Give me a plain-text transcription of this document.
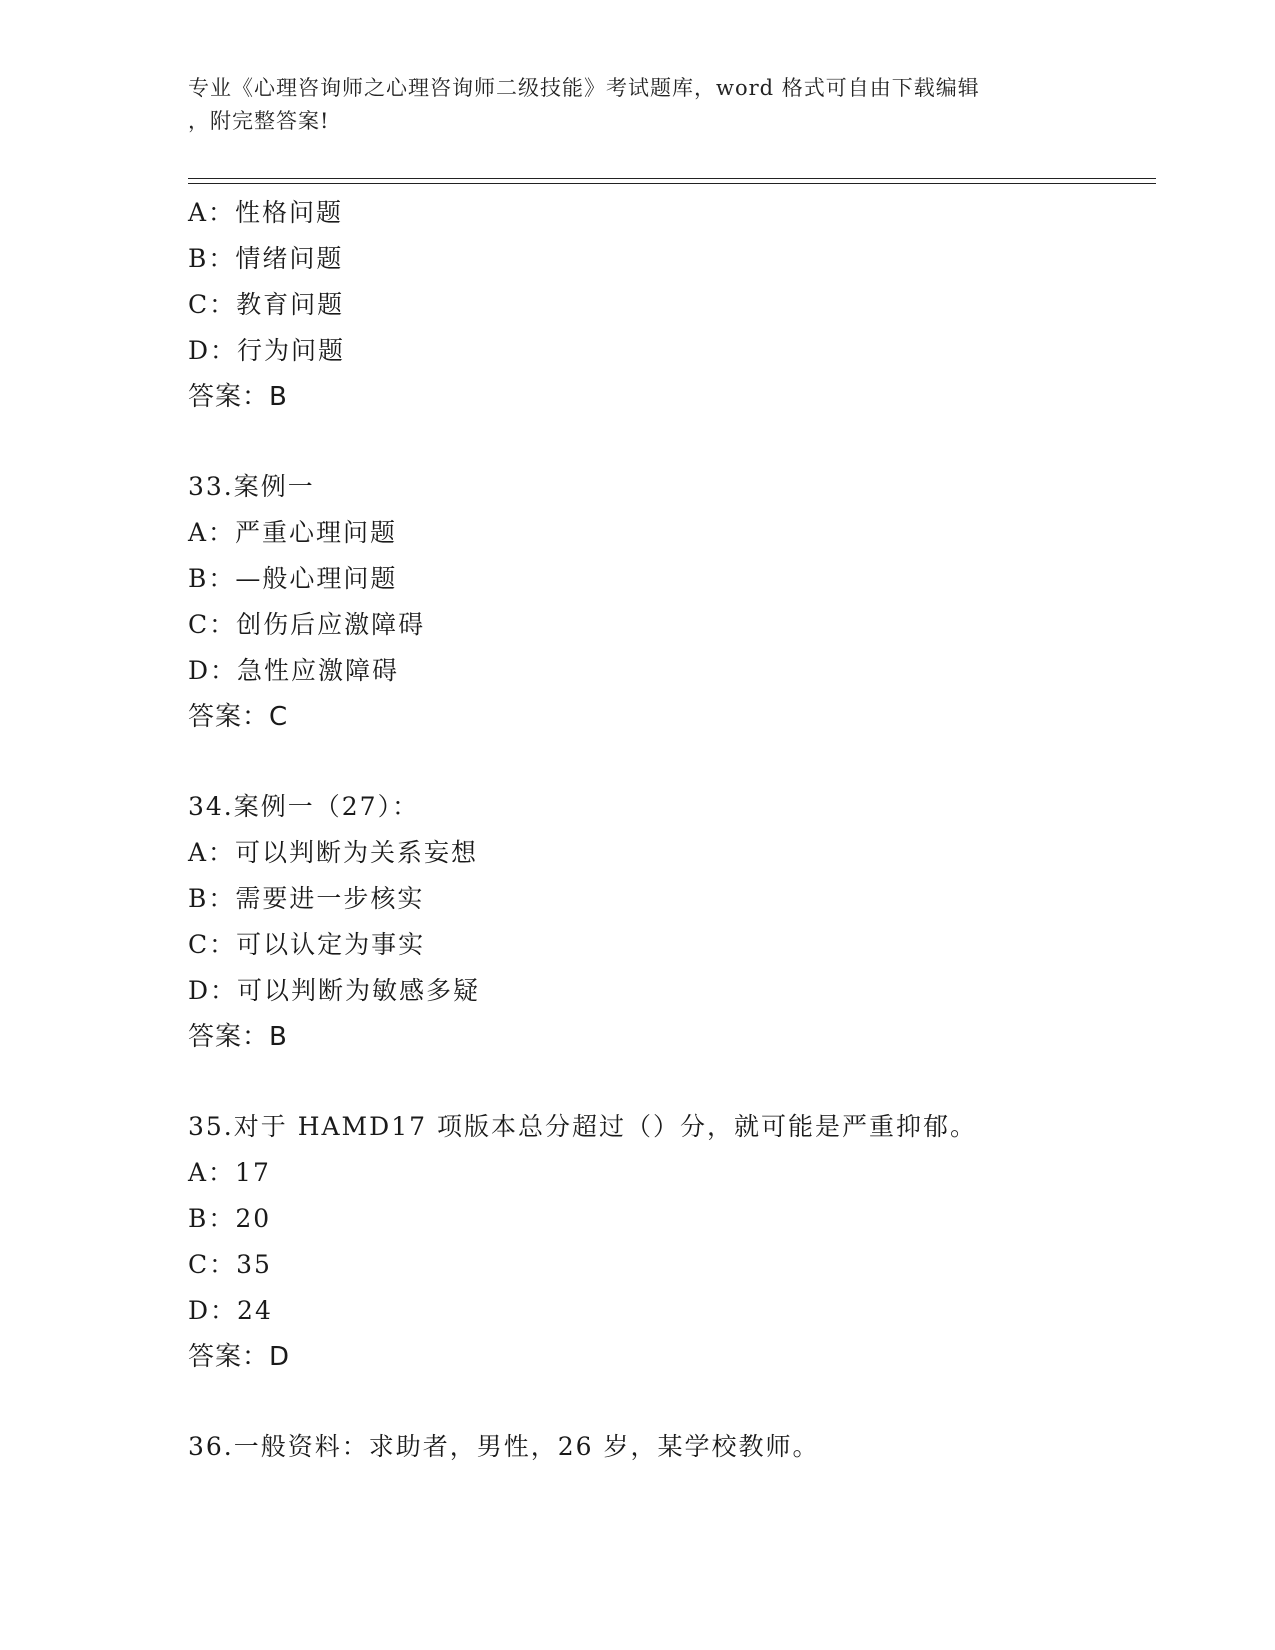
专业《心理咨询师之心理咨询师二级技能》考试题库，word 格式可自由下载编辑
，附完整答案!
A：性格问题
B：情绪问题
C：教育问题
D：行为问题
答案：B
33.案例一
A：严重心理问题
B：—般心理问题
C：创伤后应激障碍
D：急性应激障碍
答案：C
34.案例一（27）：
A：可以判断为关系妄想
B：需要进一步核实
C：可以认定为事实
D：可以判断为敏感多疑
答案：B
35.对于 HAMD17 项版本总分超过（）分，就可能是严重抑郁。
A：17
B：20
C：35
D：24
答案：D
36.一般资料：求助者，男性，26 岁，某学校教师。
